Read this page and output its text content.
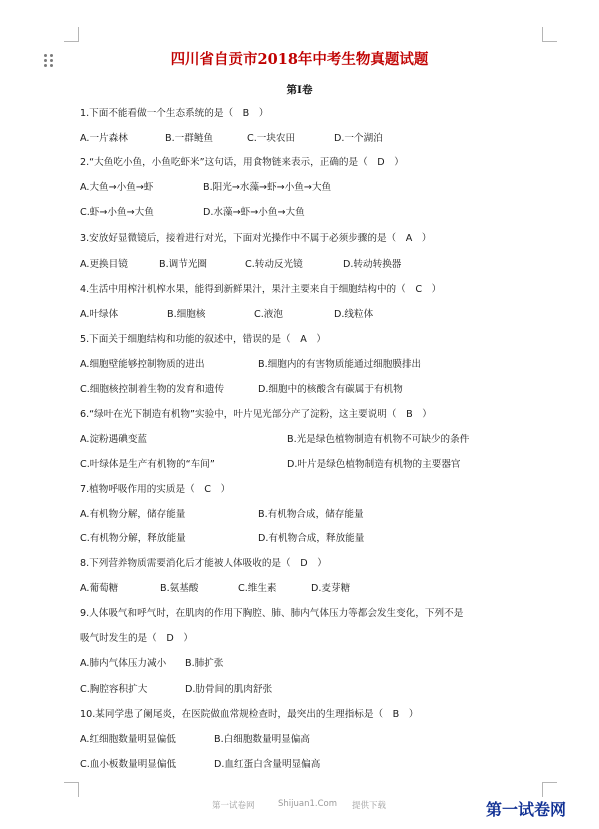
四川省自贡市2018年中考生物真题试题
第Ⅰ卷
1.下面不能看做一个生态系统的是（　B　）
A.一片森林	B.一群鲢鱼	C.一块农田	D.一个湖泊
2.“大鱼吃小鱼，小鱼吃虾米”这句话，用食物链来表示，正确的是（　D　）
A.大鱼→小鱼→虾	B.阳光→水藻→虾→小鱼→大鱼
C.虾→小鱼→大鱼	D.水藻→虾→小鱼→大鱼
3.安放好显微镜后，接着进行对光，下面对光操作中不属于必须步骤的是（　A　）
A.更换目镜	B.调节光圈	C.转动反光镜	D.转动转换器
4.生活中用榨汁机榨水果，能得到新鲜果汁，果汁主要来自于细胞结构中的（　C　）
A.叶绿体	B.细胞核	C.液泡	D.线粒体
5.下面关于细胞结构和功能的叙述中，错误的是（　A　）
A.细胞壁能够控制物质的进出	B.细胞内的有害物质能通过细胞膜排出
C.细胞核控制着生物的发育和遗传	D.细胞中的核酸含有碳属于有机物
6.“绿叶在光下制造有机物”实验中，叶片见光部分产了淀粉，这主要说明（　B　）
A.淀粉遇碘变蓝	B.光是绿色植物制造有机物不可缺少的条件
C.叶绿体是生产有机物的“车间”	D.叶片是绿色植物制造有机物的主要器官
7.植物呼吸作用的实质是（　C　）
A.有机物分解，储存能量	B.有机物合成，储存能量
C.有机物分解，释放能量	D.有机物合成，释放能量
8.下列营养物质需要消化后才能被人体吸收的是（　D　）
A.葡萄糖	B.氨基酸	C.维生素	D.麦芽糖
9.人体吸气和呼气时，在肌肉的作用下胸腔、肺、肺内气体压力等都会发生变化，下列不是
吸气时发生的是（　D　）
A.肺内气体压力减小 B.肺扩张
C.胸腔容积扩大	D.肋骨间的肌肉舒张
10.某同学患了阑尾炎，在医院做血常规检查时，最突出的生理指标是（　B　）
A.红细胞数量明显偏低	B.白细胞数量明显偏高
C.血小板数量明显偏低	D.血红蛋白含量明显偏高
第一试卷网	Shijuan1.Com 提供下载	第一试卷网
